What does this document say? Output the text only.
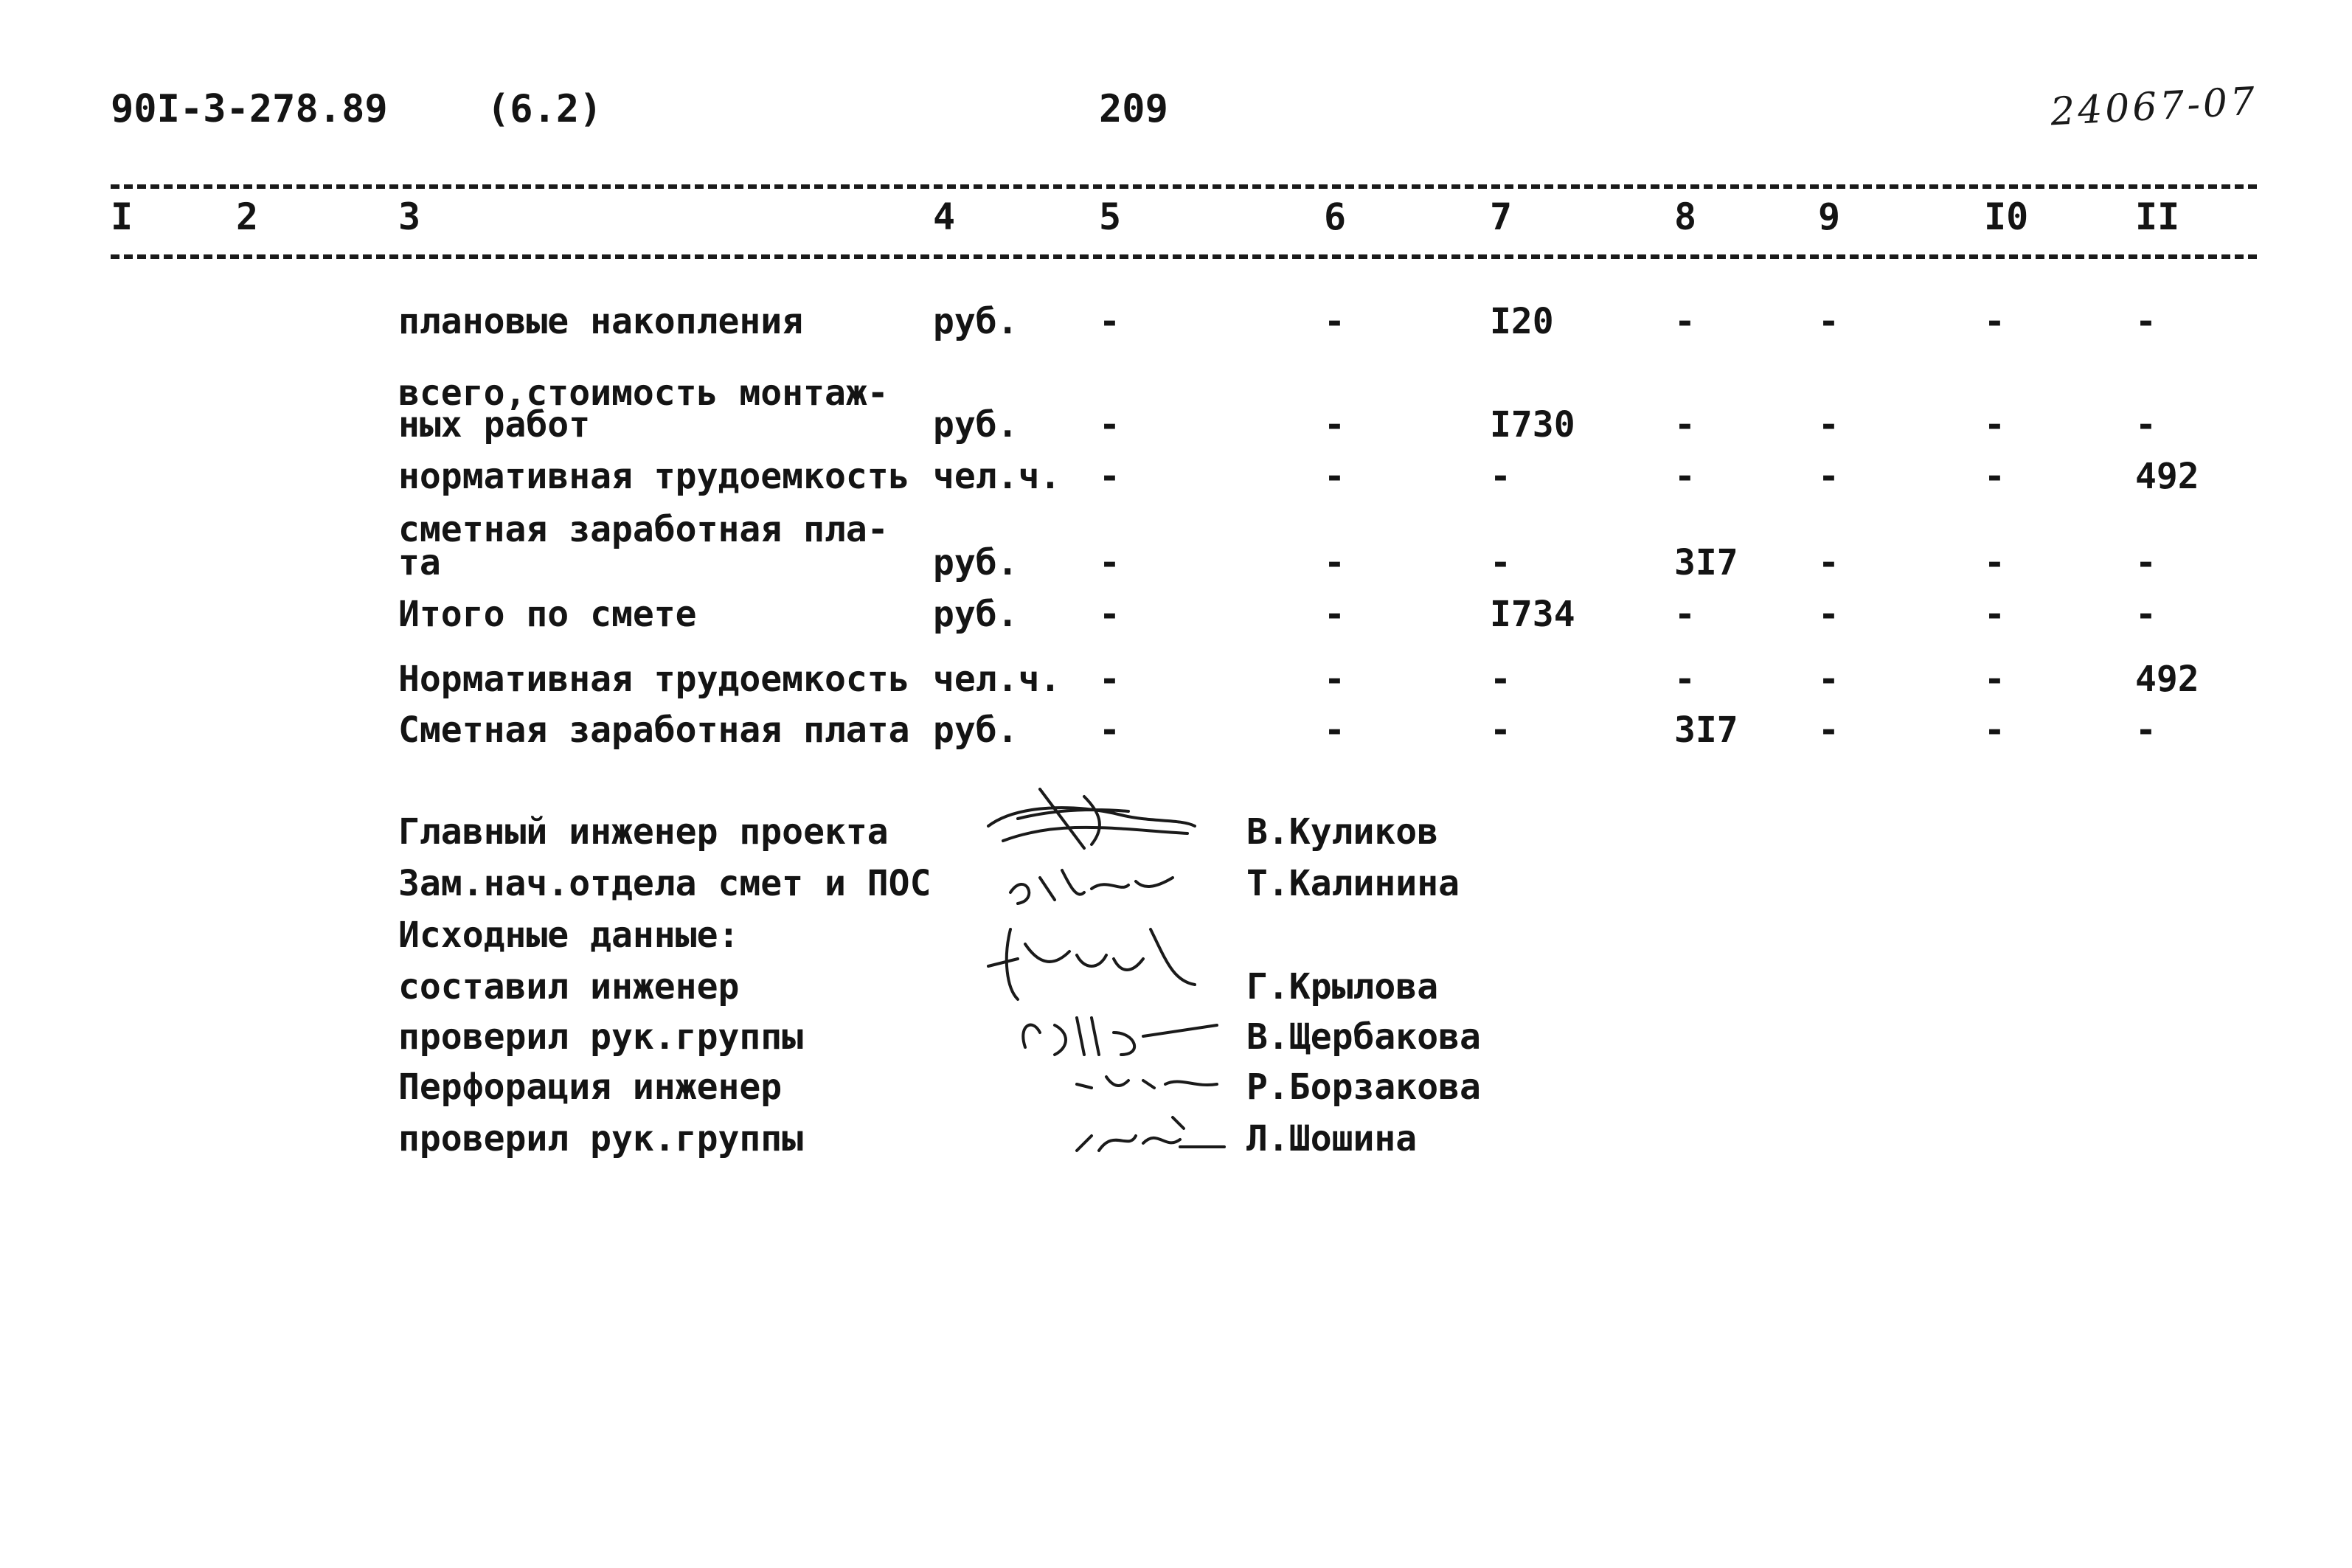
90I-3-278.89	(6.2)	209	24067-07
I	2	3	4	5	6	7	8	9	I0	II
плановые накопления	руб. -	-	I20	-	-	-	-
всего,стоимость монтаж-
ных работ	руб. -	-	I730	-	-	-	-
нормативная трудоемкость чел.ч. -	-	-	-	-	-	492
сметная заработная пла-
та	руб. -	-	-	3I7 -	-	-
Итого по смете	руб. -	-	I734	-	-	-	-
Нормативная трудоемкость чел.ч. -	-	-	-	-	-	492
Сметная заработная плата руб. -	-	-	3I7 -	-	-
Главный инженер проекта	В.Куликов
Зам.нач.отдела смет и ПОС	Т.Калинина
Исходные данные:
составил инженер	Г.Крылова
проверил рук.группы	В.Щербакова
Перфорация инженер	Р.Борзакова
проверил рук.группы	Л.Шошина
